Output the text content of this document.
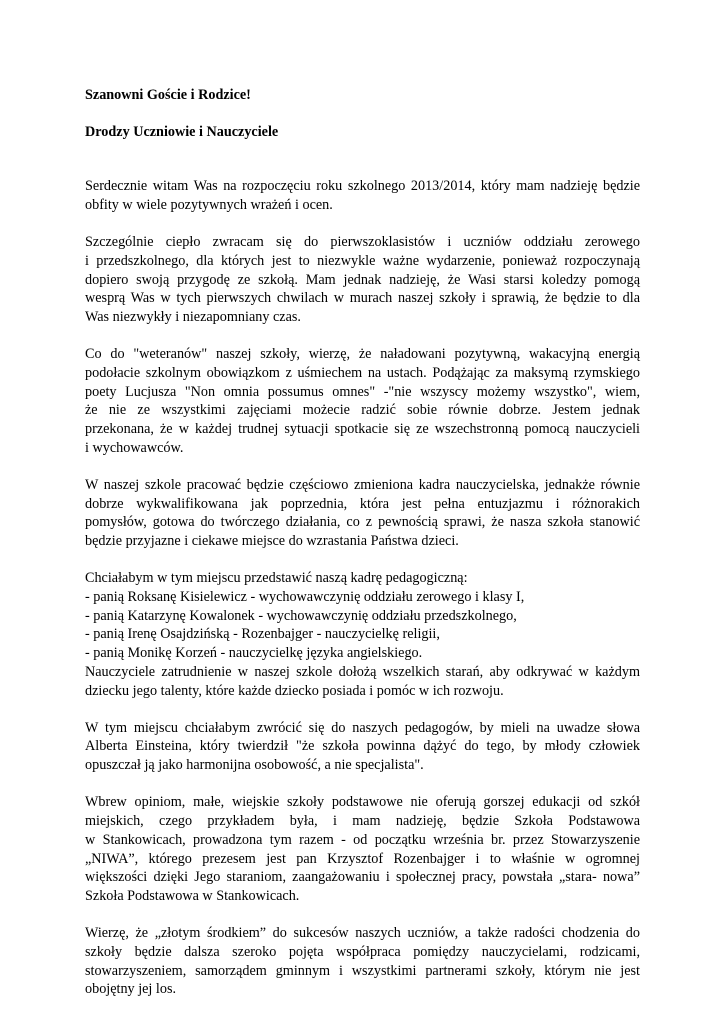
Szanowni Goście i Rodzice!

Drodzy Uczniowie i Nauczyciele

Serdecznie witam Was na rozpoczęciu roku szkolnego 2013/2014, który mam nadzieję będzie
obfity w wiele pozytywnych wrażeń i ocen.
Szczególnie ciepło zwracam się do pierwszoklasistów i uczniów oddziału zerowego
i przedszkolnego, dla których jest to niezwykle ważne wydarzenie, ponieważ rozpoczynają
dopiero swoją przygodę ze szkołą. Mam jednak nadzieję, że Wasi starsi koledzy pomogą
wesprą Was w tych pierwszych chwilach w murach naszej szkoły i sprawią, że będzie to dla
Was niezwykły i niezapomniany czas.
Co do "weteranów" naszej szkoły, wierzę, że naładowani pozytywną, wakacyjną energią
podołacie szkolnym obowiązkom z uśmiechem na ustach. Podążając za maksymą rzymskiego
poety Lucjusza "Non omnia possumus omnes" -"nie wszyscy możemy wszystko", wiem,
że nie ze wszystkimi zajęciami możecie radzić sobie równie dobrze. Jestem jednak
przekonana, że w każdej trudnej sytuacji spotkacie się ze wszechstronną pomocą nauczycieli
i wychowawców.
W naszej szkole pracować będzie częściowo zmieniona kadra nauczycielska, jednakże równie
dobrze wykwalifikowana jak poprzednia, która jest pełna entuzjazmu i różnorakich
pomysłów, gotowa do twórczego działania, co z pewnością sprawi, że nasza szkoła stanowić
będzie przyjazne i ciekawe miejsce do wzrastania Państwa dzieci.
Chciałabym w tym miejscu przedstawić naszą kadrę pedagogiczną:
- panią Roksanę Kisielewicz - wychowawczynię oddziału zerowego i klasy I,
- panią Katarzynę Kowalonek - wychowawczynię oddziału przedszkolnego,
- panią Irenę Osajdzińską - Rozenbajger - nauczycielkę religii,
- panią Monikę Korzeń - nauczycielkę języka angielskiego.
Nauczyciele zatrudnienie w naszej szkole dołożą wszelkich starań, aby odkrywać w każdym
dziecku jego talenty, które każde dziecko posiada i pomóc w ich rozwoju.
W tym miejscu chciałabym zwrócić się do naszych pedagogów, by mieli na uwadze słowa
Alberta Einsteina, który twierdził "że szkoła powinna dążyć do tego, by młody człowiek
opuszczał ją jako harmonijna osobowość, a nie specjalista".
Wbrew opiniom, małe, wiejskie szkoły podstawowe nie oferują gorszej edukacji od szkół
miejskich, czego przykładem była, i mam nadzieję, będzie Szkoła Podstawowa
w Stankowicach, prowadzona tym razem - od początku września br. przez Stowarzyszenie
„NIWA”, którego prezesem jest pan Krzysztof Rozenbajger i to właśnie w ogromnej
większości dzięki Jego staraniom, zaangażowaniu i społecznej pracy, powstała „stara- nowa”
Szkoła Podstawowa w Stankowicach.
Wierzę, że „złotym środkiem” do sukcesów naszych uczniów, a także radości chodzenia do
szkoły będzie dalsza szeroko pojęta współpraca pomiędzy nauczycielami, rodzicami,
stowarzyszeniem, samorządem gminnym i wszystkimi partnerami szkoły, którym nie jest
obojętny jej los.
